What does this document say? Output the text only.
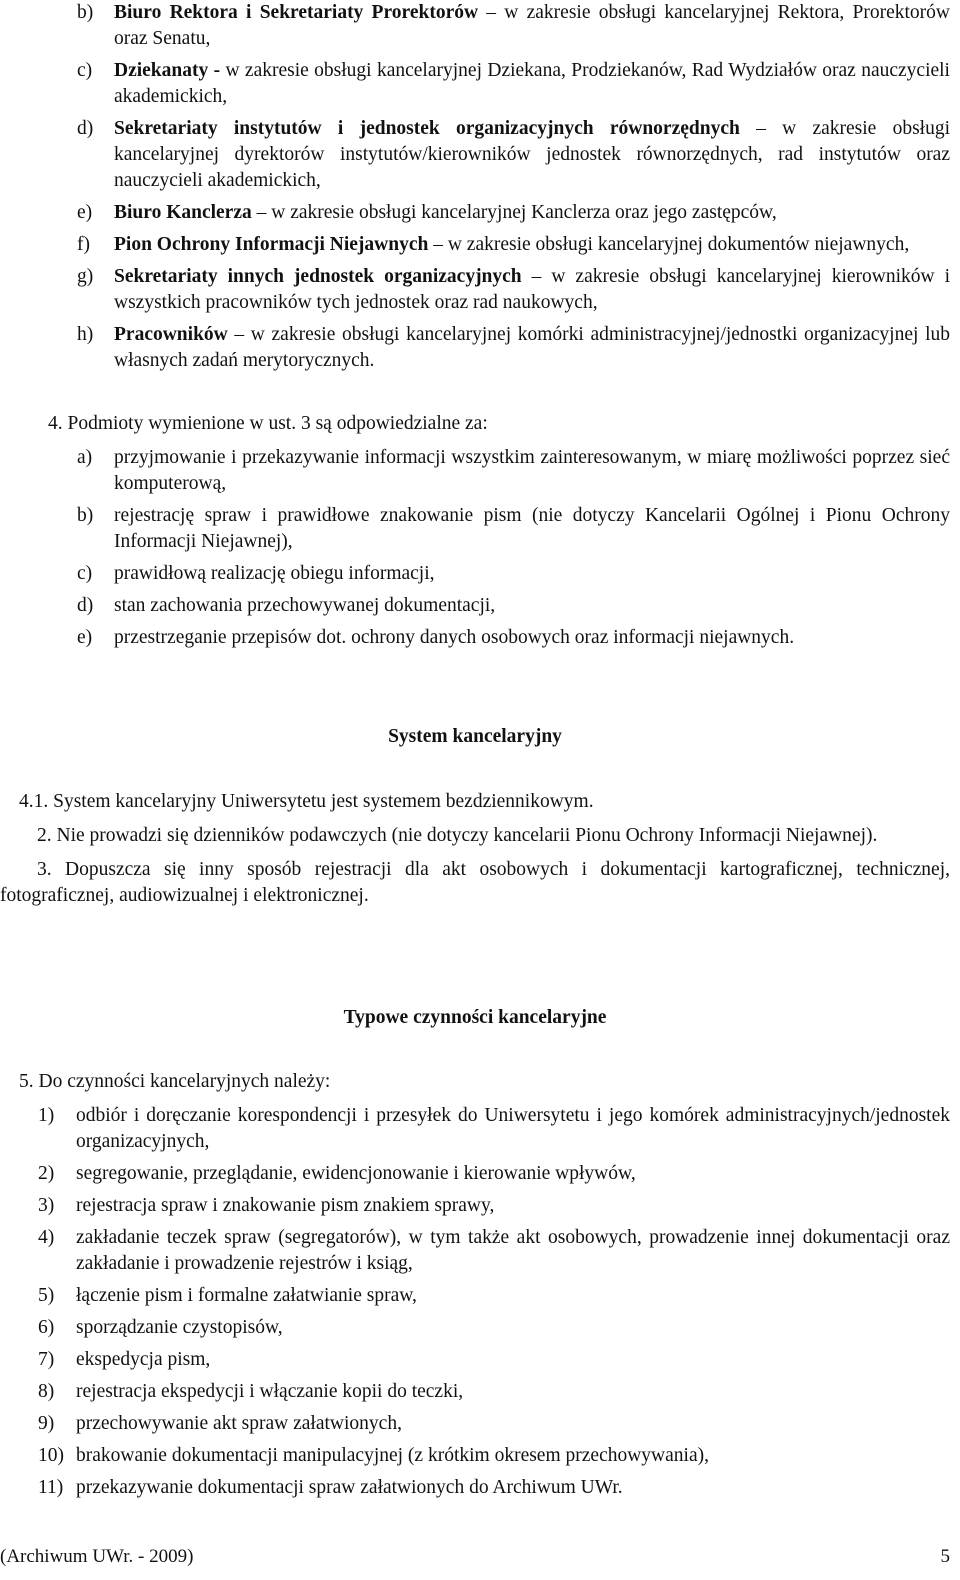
b) Biuro Rektora i Sekretariaty Prorektorów – w zakresie obsługi kancelaryjnej Rektora, Prorektorów oraz Senatu,
c) Dziekanaty - w zakresie obsługi kancelaryjnej Dziekana, Prodziekanów, Rad Wydziałów oraz nauczycieli akademickich,
d) Sekretariaty instytutów i jednostek organizacyjnych równorzędnych – w zakresie obsługi kancelaryjnej dyrektorów instytutów/kierowników jednostek równorzędnych, rad instytutów oraz nauczycieli akademickich,
e) Biuro Kanclerza – w zakresie obsługi kancelaryjnej Kanclerza oraz jego zastępców,
f) Pion Ochrony Informacji Niejawnych – w zakresie obsługi kancelaryjnej dokumentów niejawnych,
g) Sekretariaty innych jednostek organizacyjnych – w zakresie obsługi kancelaryjnej kierowników i wszystkich pracowników tych jednostek oraz rad naukowych,
h) Pracowników – w zakresie obsługi kancelaryjnej komórki administracyjnej/jednostki organizacyjnej lub własnych zadań merytorycznych.
4. Podmioty wymienione w ust. 3 są odpowiedzialne za:
a) przyjmowanie i przekazywanie informacji wszystkim zainteresowanym, w miarę możliwości poprzez sieć komputerową,
b) rejestrację spraw i prawidłowe znakowanie pism (nie dotyczy Kancelarii Ogólnej i Pionu Ochrony Informacji Niejawnej),
c) prawidłową realizację obiegu informacji,
d) stan zachowania przechowywanej dokumentacji,
e) przestrzeganie przepisów dot. ochrony danych osobowych oraz informacji niejawnych.
System kancelaryjny
4.1. System kancelaryjny Uniwersytetu jest systemem bezdziennikowym.
2. Nie prowadzi się dzienników podawczych (nie dotyczy kancelarii Pionu Ochrony Informacji Niejawnej).
3. Dopuszcza się inny sposób rejestracji dla akt osobowych i dokumentacji kartograficznej, technicznej, fotograficznej, audiowizualnej i elektronicznej.
Typowe czynności kancelaryjne
5. Do czynności kancelaryjnych należy:
1) odbiór i doręczanie korespondencji i przesyłek do Uniwersytetu i jego komórek administracyjnych/jednostek organizacyjnych,
2) segregowanie, przeglądanie, ewidencjonowanie i kierowanie wpływów,
3) rejestracja spraw i znakowanie pism znakiem sprawy,
4) zakładanie teczek spraw (segregatorów), w tym także akt osobowych, prowadzenie innej dokumentacji oraz zakładanie i prowadzenie rejestrów i ksiąg,
5) łączenie pism i formalne załatwianie spraw,
6) sporządzanie czystopisów,
7) ekspedycja pism,
8) rejestracja ekspedycji i włączanie kopii do teczki,
9) przechowywanie akt spraw załatwionych,
10) brakowanie dokumentacji manipulacyjnej (z krótkim okresem przechowywania),
11) przekazywanie dokumentacji spraw załatwionych do Archiwum UWr.
(Archiwum UWr. - 2009)	5
